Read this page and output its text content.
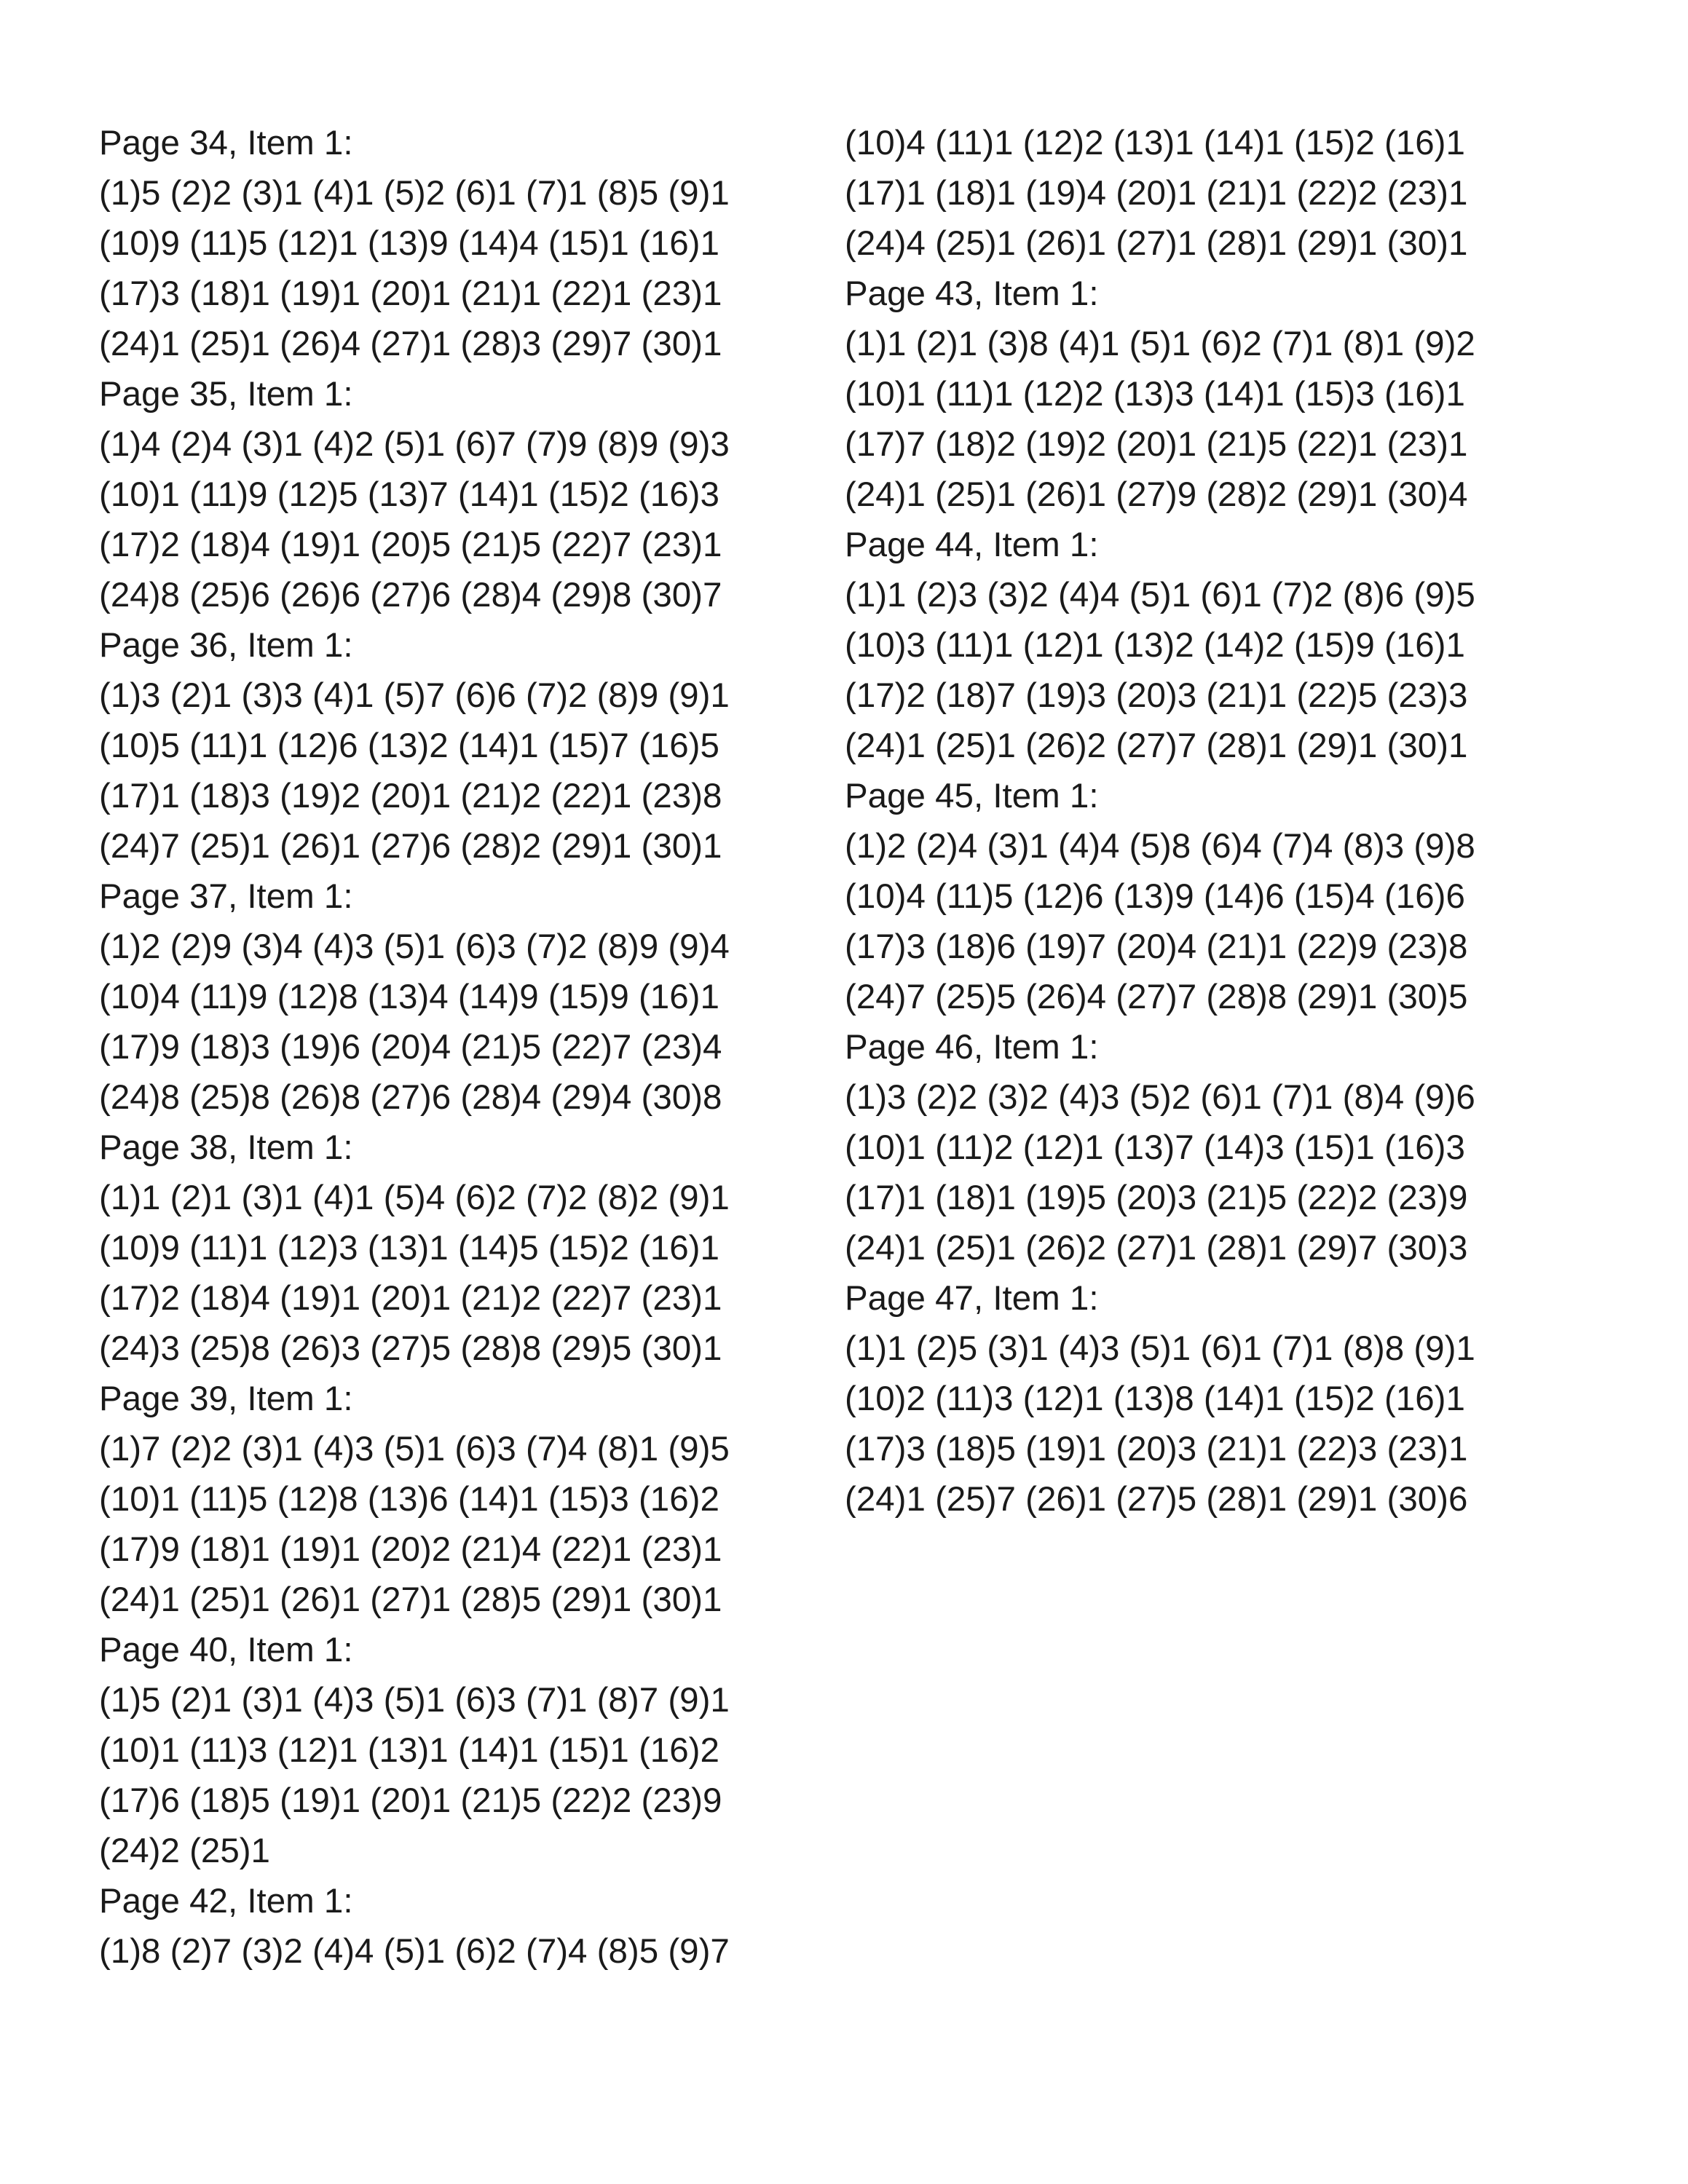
Page 34, Item 1:
(1)5 (2)2 (3)1 (4)1 (5)2 (6)1 (7)1 (8)5 (9)1
(10)9 (11)5 (12)1 (13)9 (14)4 (15)1 (16)1
(17)3 (18)1 (19)1 (20)1 (21)1 (22)1 (23)1
(24)1 (25)1 (26)4 (27)1 (28)3 (29)7 (30)1
Page 35, Item 1:
(1)4 (2)4 (3)1 (4)2 (5)1 (6)7 (7)9 (8)9 (9)3
(10)1 (11)9 (12)5 (13)7 (14)1 (15)2 (16)3
(17)2 (18)4 (19)1 (20)5 (21)5 (22)7 (23)1
(24)8 (25)6 (26)6 (27)6 (28)4 (29)8 (30)7
Page 36, Item 1:
(1)3 (2)1 (3)3 (4)1 (5)7 (6)6 (7)2 (8)9 (9)1
(10)5 (11)1 (12)6 (13)2 (14)1 (15)7 (16)5
(17)1 (18)3 (19)2 (20)1 (21)2 (22)1 (23)8
(24)7 (25)1 (26)1 (27)6 (28)2 (29)1 (30)1
Page 37, Item 1:
(1)2 (2)9 (3)4 (4)3 (5)1 (6)3 (7)2 (8)9 (9)4
(10)4 (11)9 (12)8 (13)4 (14)9 (15)9 (16)1
(17)9 (18)3 (19)6 (20)4 (21)5 (22)7 (23)4
(24)8 (25)8 (26)8 (27)6 (28)4 (29)4 (30)8
Page 38, Item 1:
(1)1 (2)1 (3)1 (4)1 (5)4 (6)2 (7)2 (8)2 (9)1
(10)9 (11)1 (12)3 (13)1 (14)5 (15)2 (16)1
(17)2 (18)4 (19)1 (20)1 (21)2 (22)7 (23)1
(24)3 (25)8 (26)3 (27)5 (28)8 (29)5 (30)1
Page 39, Item 1:
(1)7 (2)2 (3)1 (4)3 (5)1 (6)3 (7)4 (8)1 (9)5
(10)1 (11)5 (12)8 (13)6 (14)1 (15)3 (16)2
(17)9 (18)1 (19)1 (20)2 (21)4 (22)1 (23)1
(24)1 (25)1 (26)1 (27)1 (28)5 (29)1 (30)1
Page 40, Item 1:
(1)5 (2)1 (3)1 (4)3 (5)1 (6)3 (7)1 (8)7 (9)1
(10)1 (11)3 (12)1 (13)1 (14)1 (15)1 (16)2
(17)6 (18)5 (19)1 (20)1 (21)5 (22)2 (23)9
(24)2 (25)1
Page 42, Item 1:
(1)8 (2)7 (3)2 (4)4 (5)1 (6)2 (7)4 (8)5 (9)7
(10)4 (11)1 (12)2 (13)1 (14)1 (15)2 (16)1
(17)1 (18)1 (19)4 (20)1 (21)1 (22)2 (23)1
(24)4 (25)1 (26)1 (27)1 (28)1 (29)1 (30)1
Page 43, Item 1:
(1)1 (2)1 (3)8 (4)1 (5)1 (6)2 (7)1 (8)1 (9)2
(10)1 (11)1 (12)2 (13)3 (14)1 (15)3 (16)1
(17)7 (18)2 (19)2 (20)1 (21)5 (22)1 (23)1
(24)1 (25)1 (26)1 (27)9 (28)2 (29)1 (30)4
Page 44, Item 1:
(1)1 (2)3 (3)2 (4)4 (5)1 (6)1 (7)2 (8)6 (9)5
(10)3 (11)1 (12)1 (13)2 (14)2 (15)9 (16)1
(17)2 (18)7 (19)3 (20)3 (21)1 (22)5 (23)3
(24)1 (25)1 (26)2 (27)7 (28)1 (29)1 (30)1
Page 45, Item 1:
(1)2 (2)4 (3)1 (4)4 (5)8 (6)4 (7)4 (8)3 (9)8
(10)4 (11)5 (12)6 (13)9 (14)6 (15)4 (16)6
(17)3 (18)6 (19)7 (20)4 (21)1 (22)9 (23)8
(24)7 (25)5 (26)4 (27)7 (28)8 (29)1 (30)5
Page 46, Item 1:
(1)3 (2)2 (3)2 (4)3 (5)2 (6)1 (7)1 (8)4 (9)6
(10)1 (11)2 (12)1 (13)7 (14)3 (15)1 (16)3
(17)1 (18)1 (19)5 (20)3 (21)5 (22)2 (23)9
(24)1 (25)1 (26)2 (27)1 (28)1 (29)7 (30)3
Page 47, Item 1:
(1)1 (2)5 (3)1 (4)3 (5)1 (6)1 (7)1 (8)8 (9)1
(10)2 (11)3 (12)1 (13)8 (14)1 (15)2 (16)1
(17)3 (18)5 (19)1 (20)3 (21)1 (22)3 (23)1
(24)1 (25)7 (26)1 (27)5 (28)1 (29)1 (30)6
